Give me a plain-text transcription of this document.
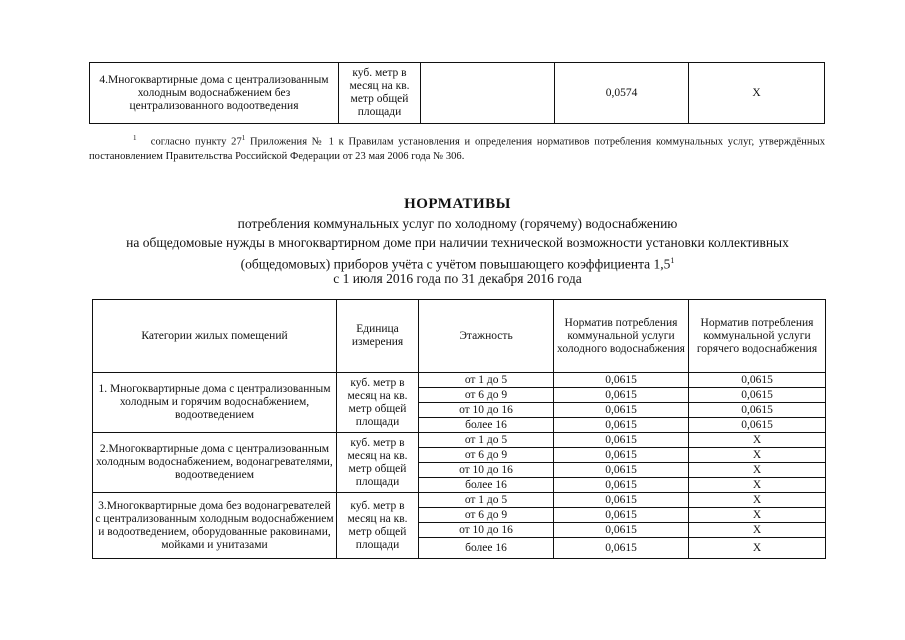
4.Многоквартирные дома с централизованным холодным водоснабжением без централизованного водоотведения	куб. метр в месяц на кв. метр общей площади		0,0574	X
$^1$ согласно пункту $27^1$ Приложения № 1 к Правилам установления и определения нормативов потребления коммунальных услуг, утверждённых постановлением Правительства Российской Федерации от 23 мая 2006 года № 306.
НОРМАТИВЫ
потребления коммунальных услуг по холодному (горячему) водоснабжению
на общедомовые нужды в многоквартирном доме при наличии технической возможности установки коллективных
(общедомовых) приборов учёта с учётом повышающего коэффициента $1,5^1$
с 1 июля 2016 года по 31 декабря 2016 года
Категории жилых помещений	Единица измерения	Этажность	Норматив потребления коммунальной услуги холодного водоснабжения	Норматив потребления коммунальной услуги горячего водоснабжения
1. Многоквартирные дома с централизованным холодным и горячим водоснабжением, водоотведением	куб. метр в месяц на кв. метр общей площади	от 1 до 5	0,0615	0,0615
		от 6 до 9	0,0615	0,0615
		от 10 до 16	0,0615	0,0615
		более 16	0,0615	0,0615
2.Многоквартирные дома с централизованным холодным водоснабжением, водонагревателями, водоотведением	куб. метр в месяц на кв. метр общей площади	от 1 до 5	0,0615	X
		от 6 до 9	0,0615	X
		от 10 до 16	0,0615	X
		более 16	0,0615	X
3.Многоквартирные дома без водонагревателей с централизованным холодным водоснабжением и водоотведением, оборудованные раковинами, мойками и унитазами	куб. метр в месяц на кв. метр общей площади	от 1 до 5	0,0615	X
		от 6 до 9	0,0615	X
		от 10 до 16	0,0615	X
		более 16	0,0615	X
